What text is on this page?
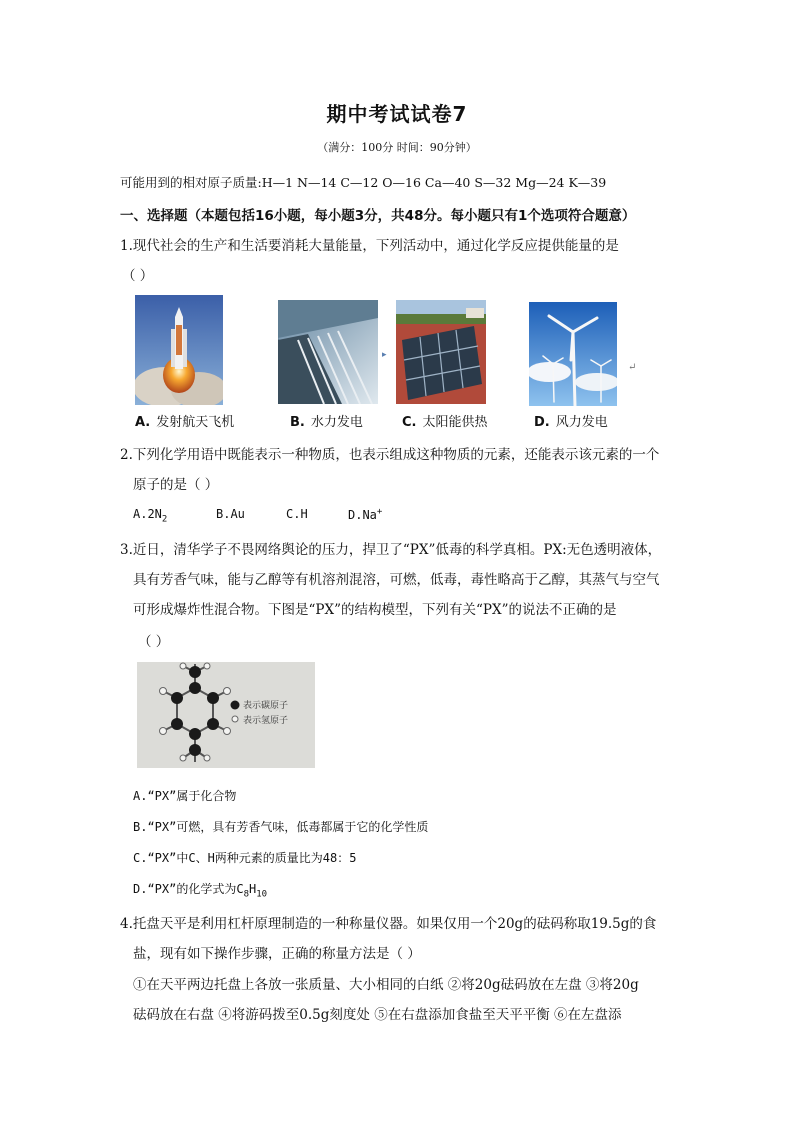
期中考试试卷7
（满分：100分 时间：90分钟）
可能用到的相对原子质量:H—1 N—14 C—12 O—16 Ca—40 S—32 Mg—24 K—39
一、选择题（本题包括16小题，每小题3分，共48分。每小题只有1个选项符合题意）
1.现代社会的生产和生活要消耗大量能量，下列活动中，通过化学反应提供能量的是
（ ）
▸
↵
A. 发射航天飞机	B. 水力发电	C. 太阳能供热	D. 风力发电
2.下列化学用语中既能表示一种物质，也表示组成这种物质的元素，还能表示该元素的一个
原子的是（ ）
$A.2N_2$	B.Au	C.H	D.Na+
3.近日，清华学子不畏网络舆论的压力，捍卫了“PX”低毒的科学真相。PX:无色透明液体，
具有芳香气味，能与乙醇等有机溶剂混溶，可燃，低毒，毒性略高于乙醇，其蒸气与空气
可形成爆炸性混合物。下图是“PX”的结构模型，下列有关“PX”的说法不正确的是
（ ）
表示碳原子
表示氢原子
A.“PX”属于化合物
B.“PX”可燃，具有芳香气味，低毒都属于它的化学性质
C.“PX”中C、H两种元素的质量比为48：5
D.“PX”的化学式为$C_8H_{10}$
4.托盘天平是利用杠杆原理制造的一种称量仪器。如果仅用一个20g的砝码称取19.5g的食
盐，现有如下操作步骤，正确的称量方法是（ ）
①在天平两边托盘上各放一张质量、大小相同的白纸 ②将20g砝码放在左盘 ③将20g
砝码放在右盘 ④将游码拨至0.5g刻度处 ⑤在右盘添加食盐至天平平衡 ⑥在左盘添
